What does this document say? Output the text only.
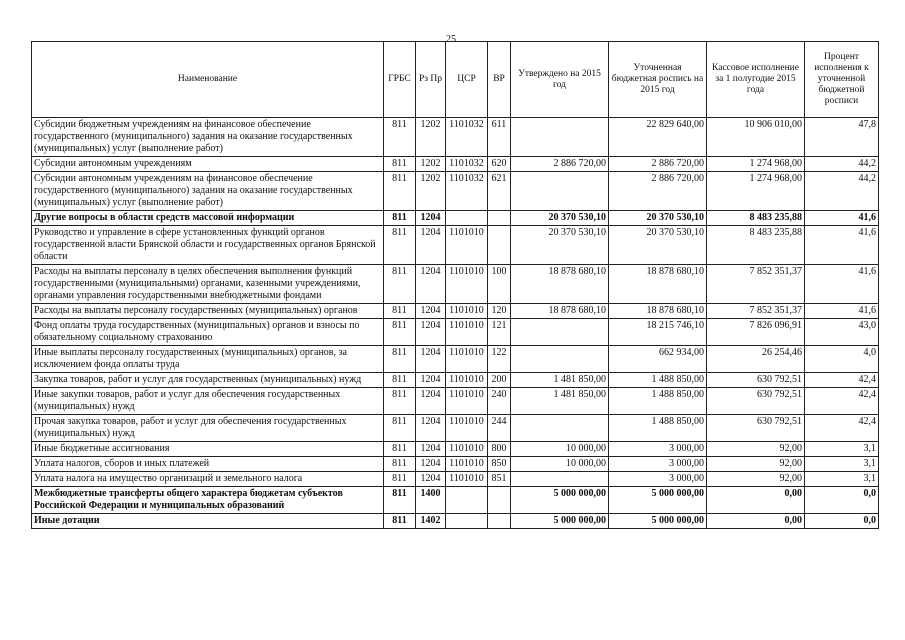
25
Наименование	ГРБС	Рз Пр	ЦСР	ВР	Утверждено на 2015 год	Уточненная бюджетная роспись на 2015 год	Кассовое исполнение за 1 полугодие 2015 года	Процент исполнения к уточненной бюджетной росписи
Субсидии бюджетным учреждениям на финансовое обеспечение государственного (муниципального) задания на оказание государственных (муниципальных) услуг (выполнение работ)	811	1202	1101032	611		22 829 640,00	10 906 010,00	47,8
Субсидии автономным учреждениям	811	1202	1101032	620	2 886 720,00	2 886 720,00	1 274 968,00	44,2
Субсидии автономным учреждениям на финансовое обеспечение государственного (муниципального) задания на оказание государственных (муниципальных) услуг (выполнение работ)	811	1202	1101032	621		2 886 720,00	1 274 968,00	44,2
Другие вопросы в области средств массовой информации	811	1204			20 370 530,10	20 370 530,10	8 483 235,88	41,6
Руководство и управление в сфере установленных функций органов государственной власти Брянской области и государственных органов Брянской области	811	1204	1101010		20 370 530,10	20 370 530,10	8 483 235,88	41,6
Расходы на выплаты персоналу в целях обеспечения выполнения функций государственными (муниципальными) органами, казенными учреждениями, органами управления государственными внебюджетными фондами	811	1204	1101010	100	18 878 680,10	18 878 680,10	7 852 351,37	41,6
Расходы на выплаты персоналу государственных (муниципальных) органов	811	1204	1101010	120	18 878 680,10	18 878 680,10	7 852 351,37	41,6
Фонд оплаты труда государственных (муниципальных) органов и взносы по обязательному социальному страхованию	811	1204	1101010	121		18 215 746,10	7 826 096,91	43,0
Иные выплаты персоналу государственных (муниципальных) органов, за исключением фонда оплаты труда	811	1204	1101010	122		662 934,00	26 254,46	4,0
Закупка товаров, работ и услуг для государственных (муниципальных) нужд	811	1204	1101010	200	1 481 850,00	1 488 850,00	630 792,51	42,4
Иные закупки товаров, работ и услуг для обеспечения государственных (муниципальных) нужд	811	1204	1101010	240	1 481 850,00	1 488 850,00	630 792,51	42,4
Прочая закупка товаров, работ и услуг для обеспечения государственных (муниципальных) нужд	811	1204	1101010	244		1 488 850,00	630 792,51	42,4
Иные бюджетные ассигнования	811	1204	1101010	800	10 000,00	3 000,00	92,00	3,1
Уплата налогов, сборов и иных платежей	811	1204	1101010	850	10 000,00	3 000,00	92,00	3,1
Уплата налога на имущество организаций и земельного налога	811	1204	1101010	851		3 000,00	92,00	3,1
Межбюджетные трансферты общего характера бюджетам субъектов Российской Федерации и муниципальных образований	811	1400			5 000 000,00	5 000 000,00	0,00	0,0
Иные дотации	811	1402			5 000 000,00	5 000 000,00	0,00	0,0
